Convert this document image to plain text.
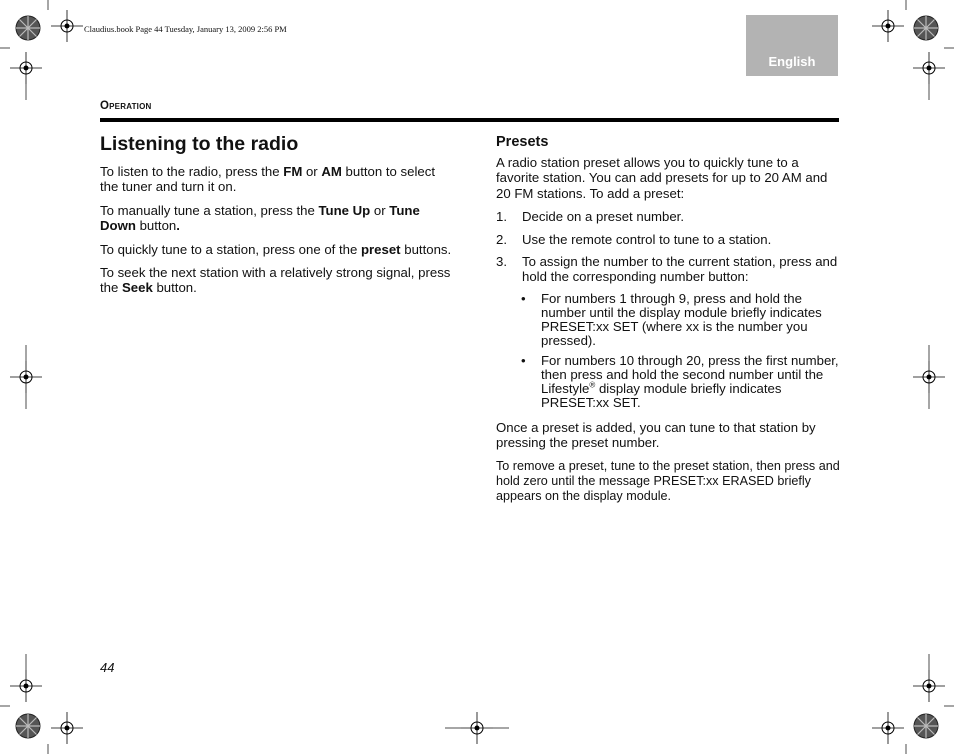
Claudius.book Page 44 Tuesday, January 13, 2009 2:56 PM
English
Operation
Listening to the radio

To listen to the radio, press the FM or AM button to select the tuner and turn it on.

To manually tune a station, press the Tune Up or Tune Down button.

To quickly tune to a station, press one of the preset buttons.

To seek the next station with a relatively strong signal, press the Seek button.

Presets

A radio station preset allows you to quickly tune to a favorite station. You can add presets for up to 20 AM and 20 FM stations. To add a preset:

1. Decide on a preset number.
2. Use the remote control to tune to a station.
3. To assign the number to the current station, press and hold the corresponding number button:
• For numbers 1 through 9, press and hold the number until the display module briefly indicates PRESET:xx SET (where xx is the number you pressed).
• For numbers 10 through 20, press the first number, then press and hold the second number until the Lifestyle® display module briefly indicates PRESET:xx SET.

Once a preset is added, you can tune to that station by pressing the preset number.

To remove a preset, tune to the preset station, then press and hold zero until the message PRESET:xx ERASED briefly appears on the display module.

44
